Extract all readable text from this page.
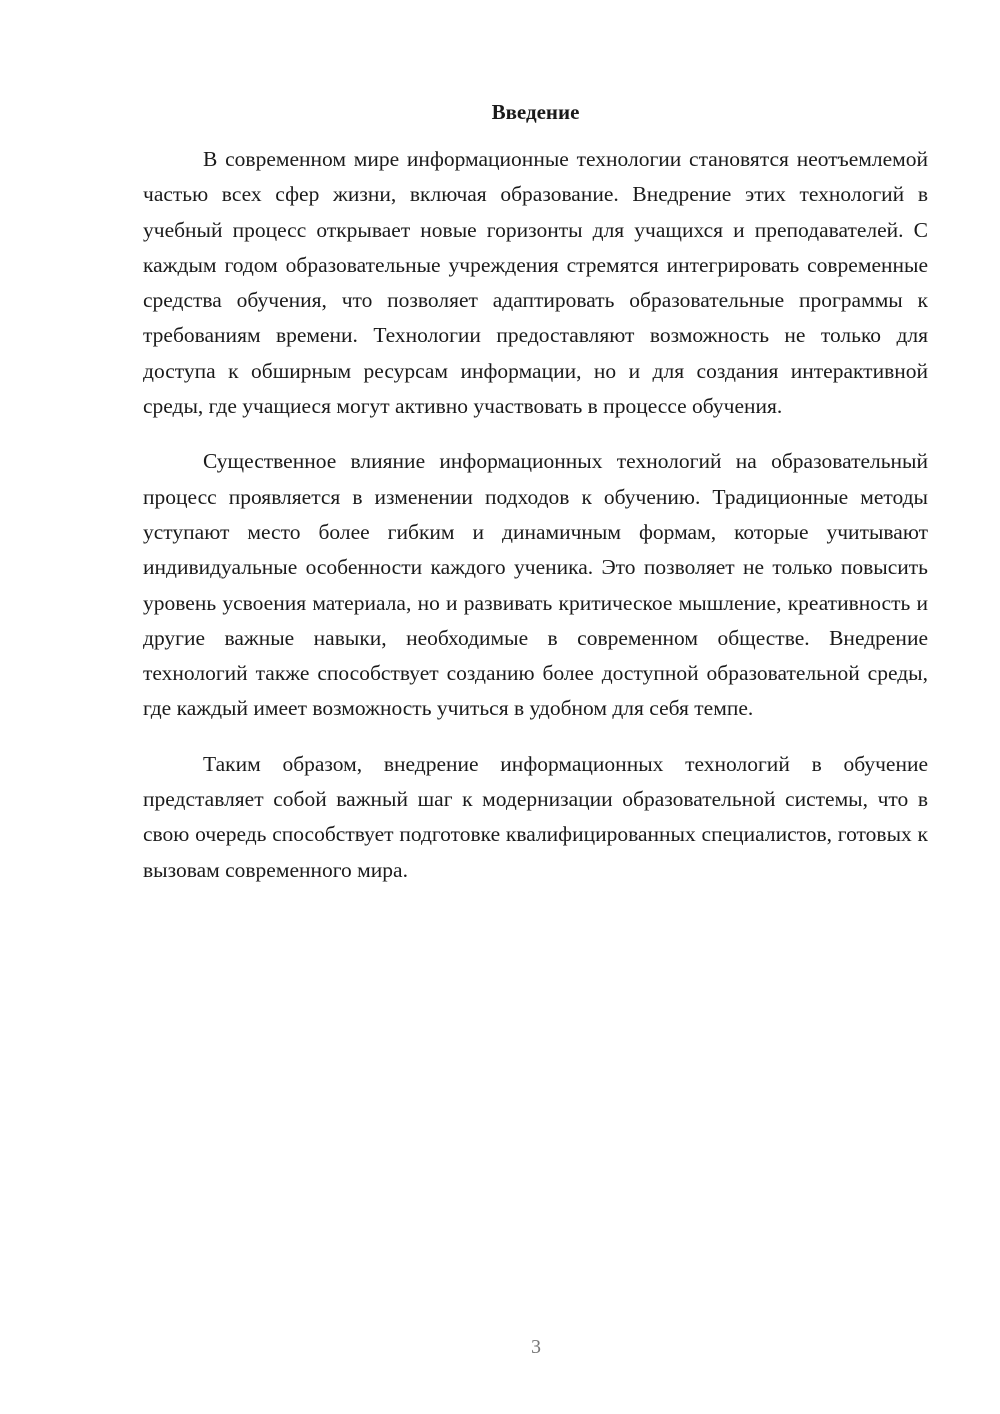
Введение

В современном мире информационные технологии становятся неотъемлемой частью всех сфер жизни, включая образование. Внедрение этих технологий в учебный процесс открывает новые горизонты для учащихся и преподавателей. С каждым годом образовательные учреждения стремятся интегрировать современные средства обучения, что позволяет адаптировать образовательные программы к требованиям времени. Технологии предоставляют возможность не только для доступа к обширным ресурсам информации, но и для создания интерактивной среды, где учащиеся могут активно участвовать в процессе обучения.

Существенное влияние информационных технологий на образовательный процесс проявляется в изменении подходов к обучению. Традиционные методы уступают место более гибким и динамичным формам, которые учитывают индивидуальные особенности каждого ученика. Это позволяет не только повысить уровень усвоения материала, но и развивать критическое мышление, креативность и другие важные навыки, необходимые в современном обществе. Внедрение технологий также способствует созданию более доступной образовательной среды, где каждый имеет возможность учиться в удобном для себя темпе.

Таким образом, внедрение информационных технологий в обучение представляет собой важный шаг к модернизации образовательной системы, что в свою очередь способствует подготовке квалифицированных специалистов, готовых к вызовам современного мира.

3
